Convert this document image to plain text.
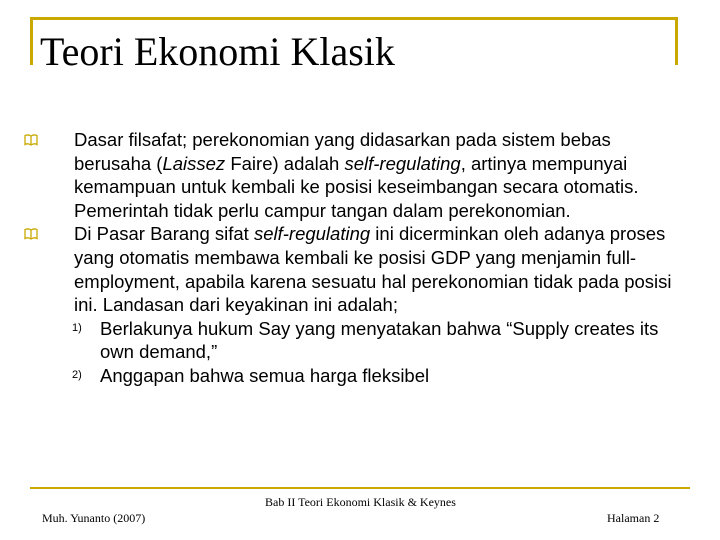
Teori Ekonomi Klasik
Dasar filsafat; perekonomian yang didasarkan pada sistem bebas berusaha (Laissez Faire) adalah self-regulating, artinya mempunyai kemampuan untuk kembali ke posisi keseimbangan secara otomatis. Pemerintah tidak perlu campur tangan dalam perekonomian.
Di Pasar Barang sifat self-regulating ini dicerminkan oleh adanya proses yang otomatis membawa kembali ke posisi GDP yang menjamin full-employment, apabila karena sesuatu hal perekonomian tidak pada posisi ini. Landasan dari keyakinan ini adalah;
1) Berlakunya hukum Say yang menyatakan bahwa “Supply creates its own demand,”
2) Anggapan bahwa semua harga fleksibel
Muh. Yunanto (2007)
Bab II Teori Ekonomi Klasik & Keynes
Halaman 2
